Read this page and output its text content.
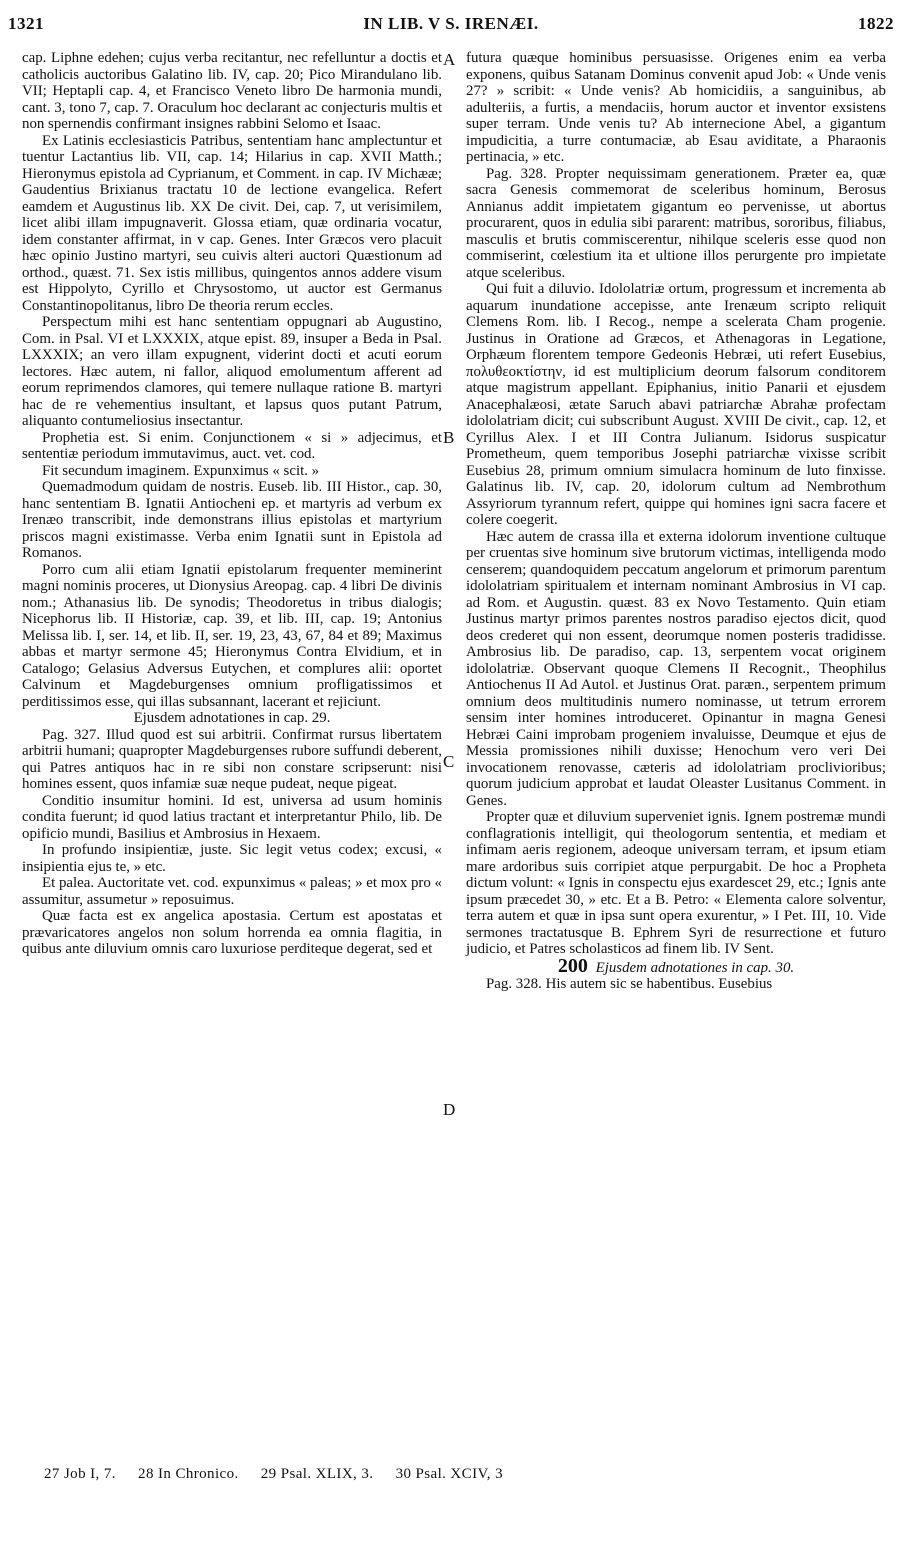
IN LIB. V S. IRENÆI.
1321	1822

cap. Liphne edehen; cujus verba recitantur, nec refelluntur a doctis et catholicis auctoribus Galatino lib. IV, cap. 20; Pico Mirandulano lib. VII; Heptapli cap. 4, et Francisco Veneto libro De harmonia mundi, cant. 3, tono 7, cap. 7. Oraculum hoc declarant ac conjecturis multis et non spernendis confirmant insignes rabbini Selomo et Isaac.

Ex Latinis ecclesiasticis Patribus, sententiam hanc amplectuntur et tuentur Lactantius lib. VII, cap. 14; Hilarius in cap. XVII Matth.; Hieronymus epistola ad Cyprianum, et Comment. in cap. IV Michææ; Gaudentius Brixianus tractatu 10 de lectione evangelica. Refert eamdem et Augustinus lib. XX De civit. Dei, cap. 7, ut verisimilem, licet alibi illam impugnaverit. Glossa etiam, quæ ordinaria vocatur, idem constanter affirmat, in v cap. Genes. Inter Græcos vero placuit hæc opinio Justino martyri, seu cuivis alteri auctori Quæstionum ad orthod., quæst. 71. Sex istis millibus, quingentos annos addere visum est Hippolyto, Cyrillo et Chrysostomo, ut auctor est Germanus Constantinopolitanus, libro De theoria rerum eccles.

Perspectum mihi est hanc sententiam oppugnari ab Augustino, Com. in Psal. VI et LXXXIX, atque epist. 89, insuper a Beda in Psal. LXXXIX; an vero illam expugnent, viderint docti et acuti eorum lectores. Hæc autem, ni fallor, aliquod emolumentum afferent ad eorum reprimendos clamores, qui temere nullaque ratione B. martyri hac de re vehementius insultant, et lapsus quos putant Patrum, aliquanto contumeliosius insectantur.

Prophetia est. Si enim. Conjunctionem « si » adjecimus, et sententiæ periodum immutavimus, auct. vet. cod.

Fit secundum imaginem. Expunximus « scit. »

Quemadmodum quidam de nostris. Euseb. lib. III Histor., cap. 30, hanc sententiam B. Ignatii Antiocheni ep. et martyris ad verbum ex Irenæo transcribit, inde demonstrans illius epistolas et martyrium priscos magni existimasse. Verba enim Ignatii sunt in Epistola ad Romanos.

Porro cum alii etiam Ignatii epistolarum frequenter meminerint magni nominis proceres, ut Dionysius Areopag. cap. 4 libri De divinis nom.; Athanasius lib. De synodis; Theodoretus in tribus dialogis; Nicephorus lib. II Historiæ, cap. 39, et lib. III, cap. 19; Antonius Melissa lib. I, ser. 14, et lib. II, ser. 19, 23, 43, 67, 84 et 89; Maximus abbas et martyr sermone 45; Hieronymus Contra Elvidium, et in Catalogo; Gelasius Adversus Eutychen, et complures alii: oportet Calvinum et Magdeburgenses omnium profligatissimos et perditissimos esse, qui illas subsannant, lacerant et rejiciunt.

Ejusdem adnotationes in cap. 29.

Pag. 327. Illud quod est sui arbitrii. Confirmat rursus libertatem arbitrii humani; quapropter Magdeburgenses rubore suffundi deberent, qui Patres antiquos hac in re sibi non constare scripserunt: nisi homines essent, quos infamiæ suæ neque pudeat, neque pigeat.

Conditio insumitur homini. Id est, universa ad usum hominis condita fuerunt; id quod latius tractant et interpretantur Philo, lib. De opificio mundi, Basilius et Ambrosius in Hexaem.

In profundo insipientiæ, juste. Sic legit vetus codex; excusi, « insipientia ejus te, » etc.

Et palea. Auctoritate vet. cod. expunximus « paleas; » et mox pro « assumitur, assumetur » reposuimus.

Quæ facta est ex angelica apostasia. Certum est apostatas et prævaricatores angelos non solum horrenda ea omnia flagitia, in quibus ante diluvium omnis caro luxuriose perditeque degerat, sed et

A
B
C
D

futura quæque hominibus persuasisse. Origenes enim ea verba exponens, quibus Satanam Dominus convenit apud Job: « Unde venis 27? » scribit: « Unde venis? Ab homicidiis, a sanguinibus, ab adulteriis, a furtis, a mendaciis, horum auctor et inventor exsistens super terram. Unde venis tu? Ab internecione Abel, a gigantum impudicitia, a turre contumaciæ, ab Esau aviditate, a Pharaonis pertinacia, » etc.

Pag. 328. Propter nequissimam generationem. Præter ea, quæ sacra Genesis commemorat de sceleribus hominum, Berosus Annianus addit impietatem gigantum eo pervenisse, ut abortus procurarent, quos in edulia sibi pararent: matribus, sororibus, filiabus, masculis et brutis commiscerentur, nihilque sceleris esse quod non commiserint, cœlestium ita et ultione illos perurgente pro impietate atque sceleribus.

Qui fuit a diluvio. Idololatriæ ortum, progressum et incrementa ab aquarum inundatione accepisse, ante Irenæum scripto reliquit Clemens Rom. lib. I Recog., nempe a scelerata Cham progenie. Justinus in Oratione ad Græcos, et Athenagoras in Legatione, Orphæum florentem tempore Gedeonis Hebræi, uti refert Eusebius, πολυθεοκτίστην, id est multiplicium deorum falsorum conditorem atque magistrum appellant. Epiphanius, initio Panarii et ejusdem Anacephalæosi, ætate Saruch abavi patriarchæ Abrahæ profectam idololatriam dicit; cui subscribunt August. XVIII De civit., cap. 12, et Cyrillus Alex. I et III Contra Julianum. Isidorus suspicatur Prometheum, quem temporibus Josephi patriarchæ vixisse scribit Eusebius 28, primum omnium simulacra hominum de luto finxisse. Galatinus lib. IV, cap. 20, idolorum cultum ad Nembrothum Assyriorum tyrannum refert, quippe qui homines igni sacra facere et colere coegerit.

Hæc autem de crassa illa et externa idolorum inventione cultuque per cruentas sive hominum sive brutorum victimas, intelligenda modo censerem; quandoquidem peccatum angelorum et primorum parentum idololatriam spiritualem et internam nominant Ambrosius in VI cap. ad Rom. et Augustin. quæst. 83 ex Novo Testamento. Quin etiam Justinus martyr primos parentes nostros paradiso ejectos dicit, quod deos crederet qui non essent, deorumque nomen posteris tradidisse. Ambrosius lib. De paradiso, cap. 13, serpentem vocat originem idololatriæ. Observant quoque Clemens II Recognit., Theophilus Antiochenus II Ad Autol. et Justinus Orat. paræn., serpentem primum omnium deos multitudinis numero nominasse, ut tetrum errorem sensim inter homines introduceret. Opinantur in magna Genesi Hebræi Caini improbam progeniem invaluisse, Deumque et ejus de Messia promissiones nihili duxisse; Henochum vero veri Dei invocationem renovasse, cæteris ad idololatriam proclivioribus; quorum judicium approbat et laudat Oleaster Lusitanus Comment. in Genes.

Propter quæ et diluvium superveniet ignis. Ignem postremæ mundi conflagrationis intelligit, qui theologorum sententia, et mediam et infimam aeris regionem, adeoque universam terram, et ipsum etiam mare ardoribus suis corripiet atque perpurgabit. De hoc a Propheta dictum volunt: « Ignis in conspectu ejus exardescet 29, etc.; Ignis ante ipsum præcedet 30, » etc. Et a B. Petro: « Elementa calore solventur, terra autem et quæ in ipsa sunt opera exurentur, » I Pet. III, 10. Vide sermones tractatusque B. Ephrem Syri de resurrectione et futuro judicio, et Patres scholasticos ad finem lib. IV Sent.

200 Ejusdem adnotationes in cap. 30.

Pag. 328. His autem sic se habentibus. Eusebius

27 Job I, 7. 28 In Chronico. 29 Psal. XLIX, 3. 30 Psal. XCIV, 3
